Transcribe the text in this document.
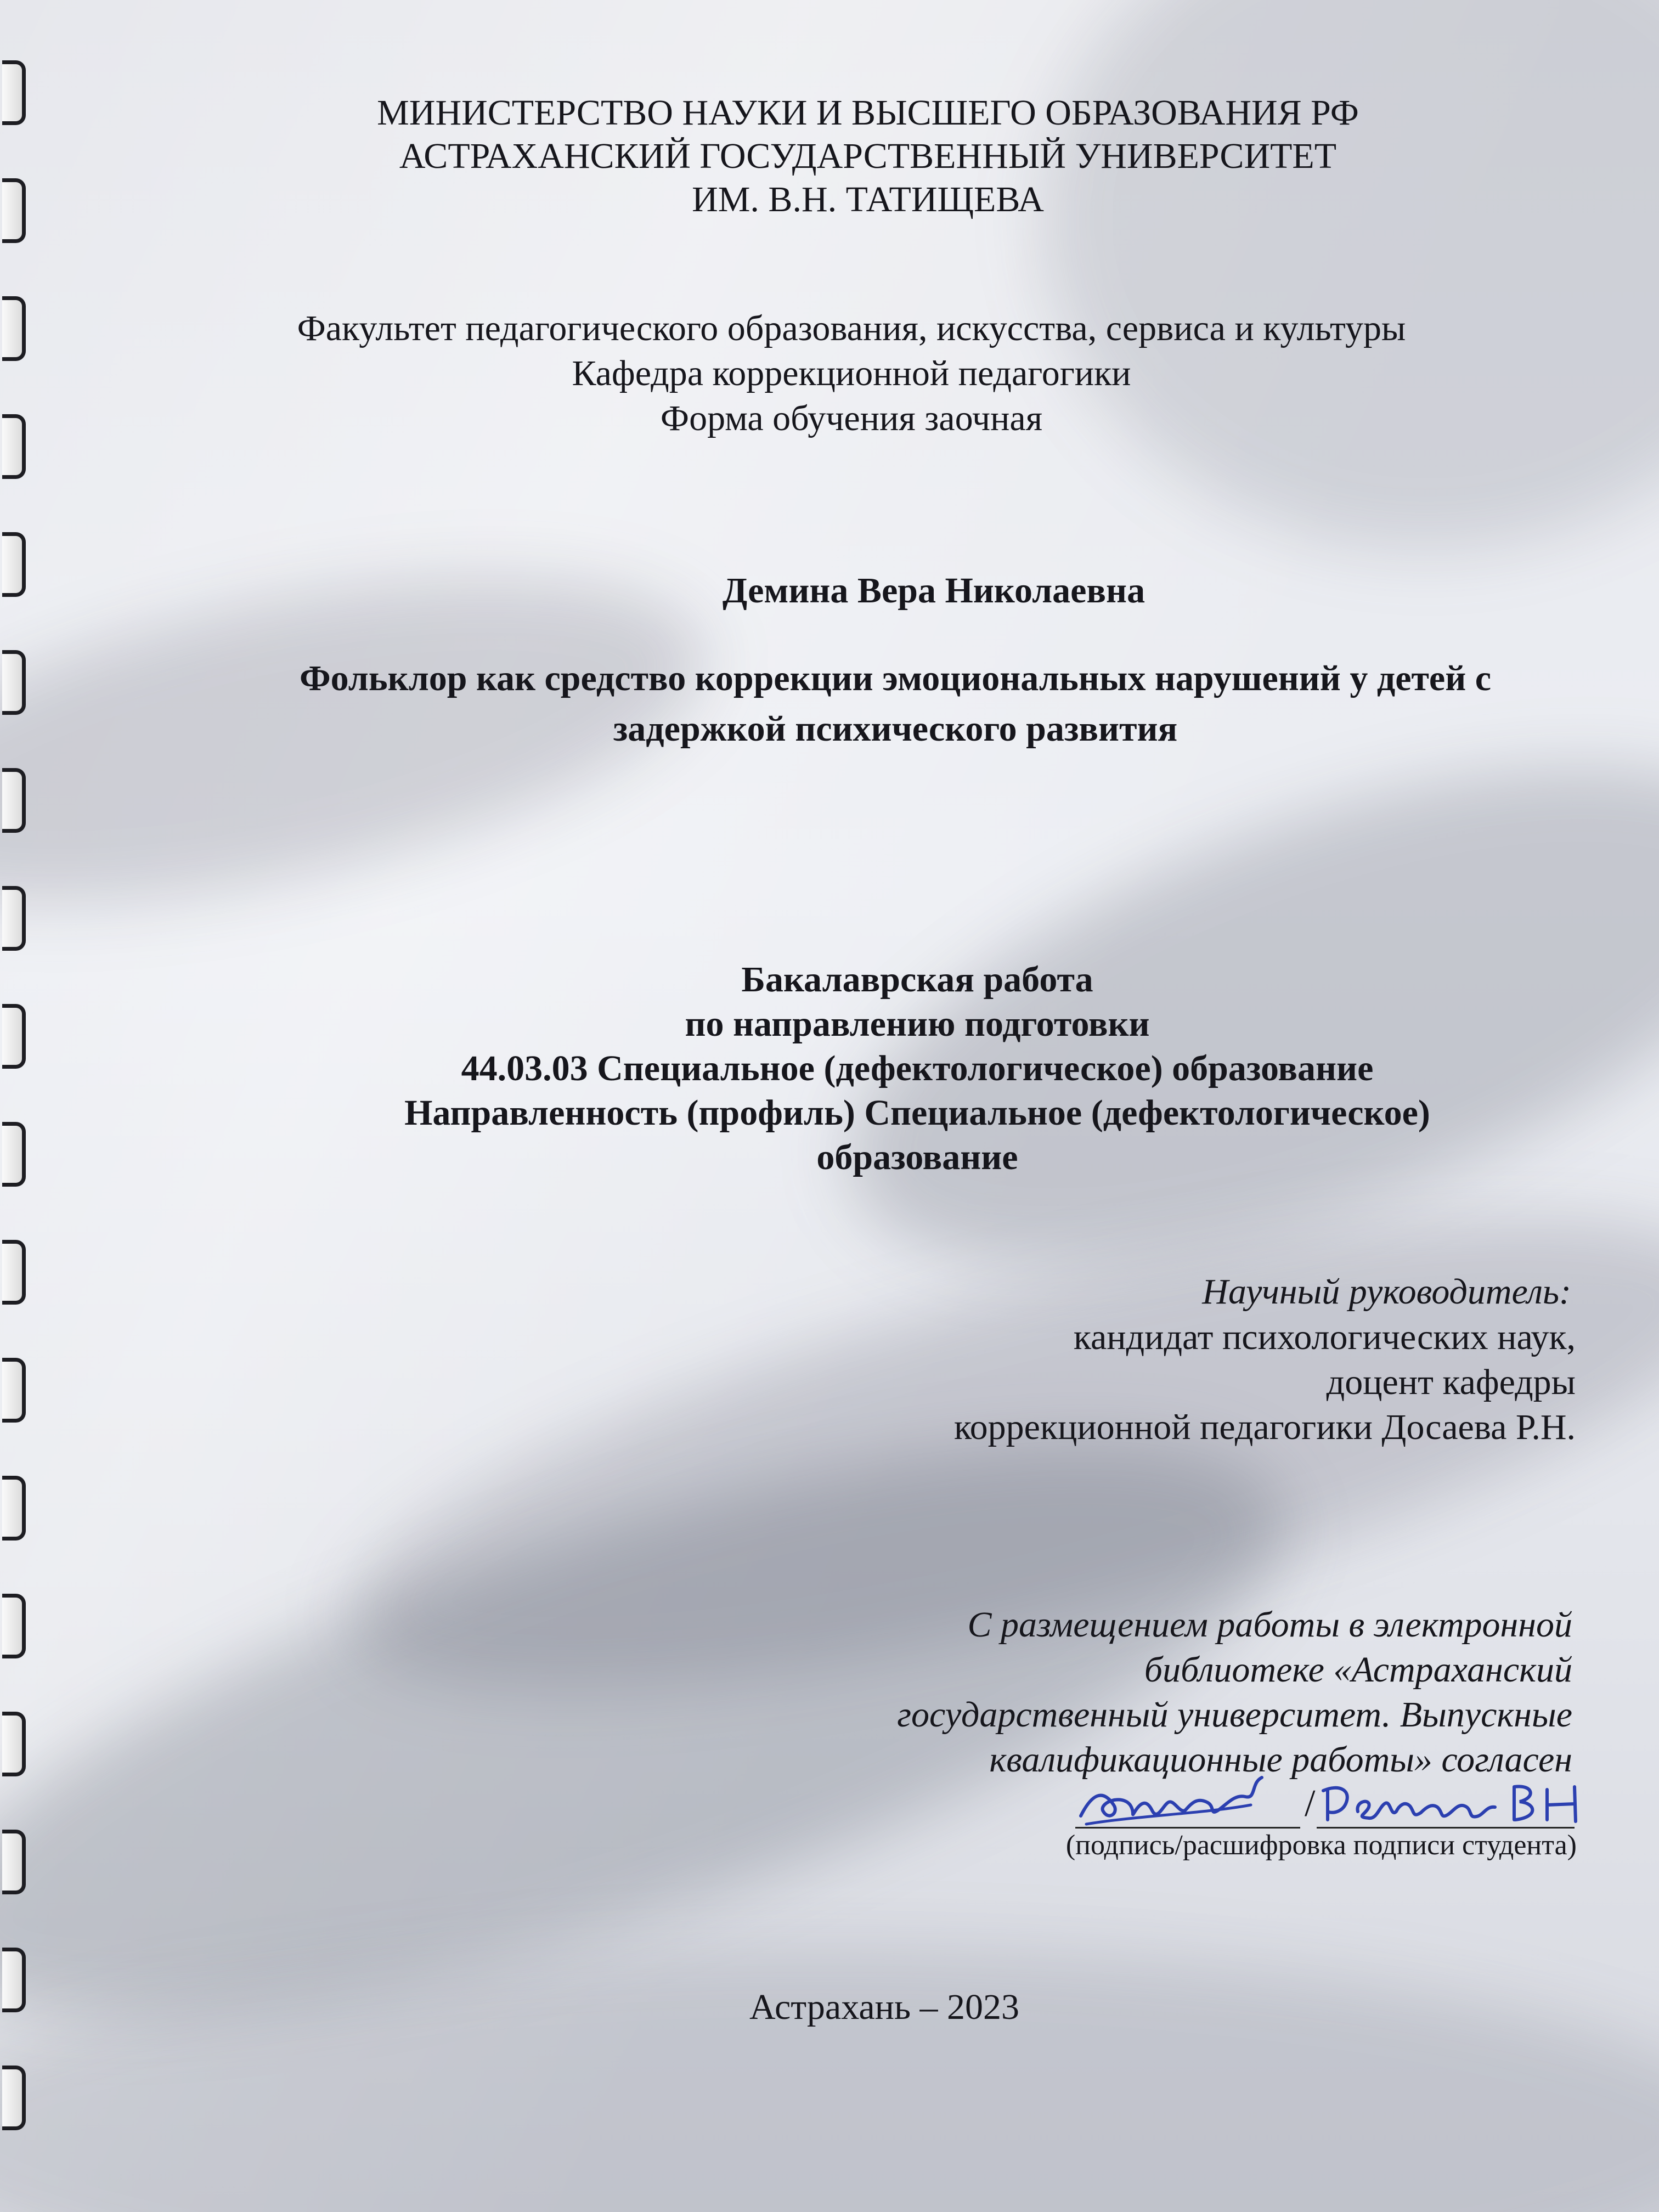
МИНИСТЕРСТВО НАУКИ И ВЫСШЕГО ОБРАЗОВАНИЯ РФ

АСТРАХАНСКИЙ ГОСУДАРСТВЕННЫЙ УНИВЕРСИТЕТ

ИМ. В.Н. ТАТИЩЕВА

Факультет педагогического образования, искусства, сервиса и культуры

Кафедра коррекционной педагогики

Форма обучения заочная

Демина Вера Николаевна

Фольклор как средство коррекции эмоциональных нарушений у детей с

задержкой психического развития

Бакалаврская работа

по направлению подготовки

44.03.03 Специальное (дефектологическое) образование

Направленность (профиль) Специальное (дефектологическое)

образование

Научный руководитель:

кандидат психологических наук,

доцент кафедры

коррекционной педагогики Досаева Р.Н.

С размещением работы в электронной

библиотеке «Астраханский

государственный университет. Выпускные

квалификационные работы» согласен

/

(подпись/расшифровка подписи студента)

Астрахань – 2023
